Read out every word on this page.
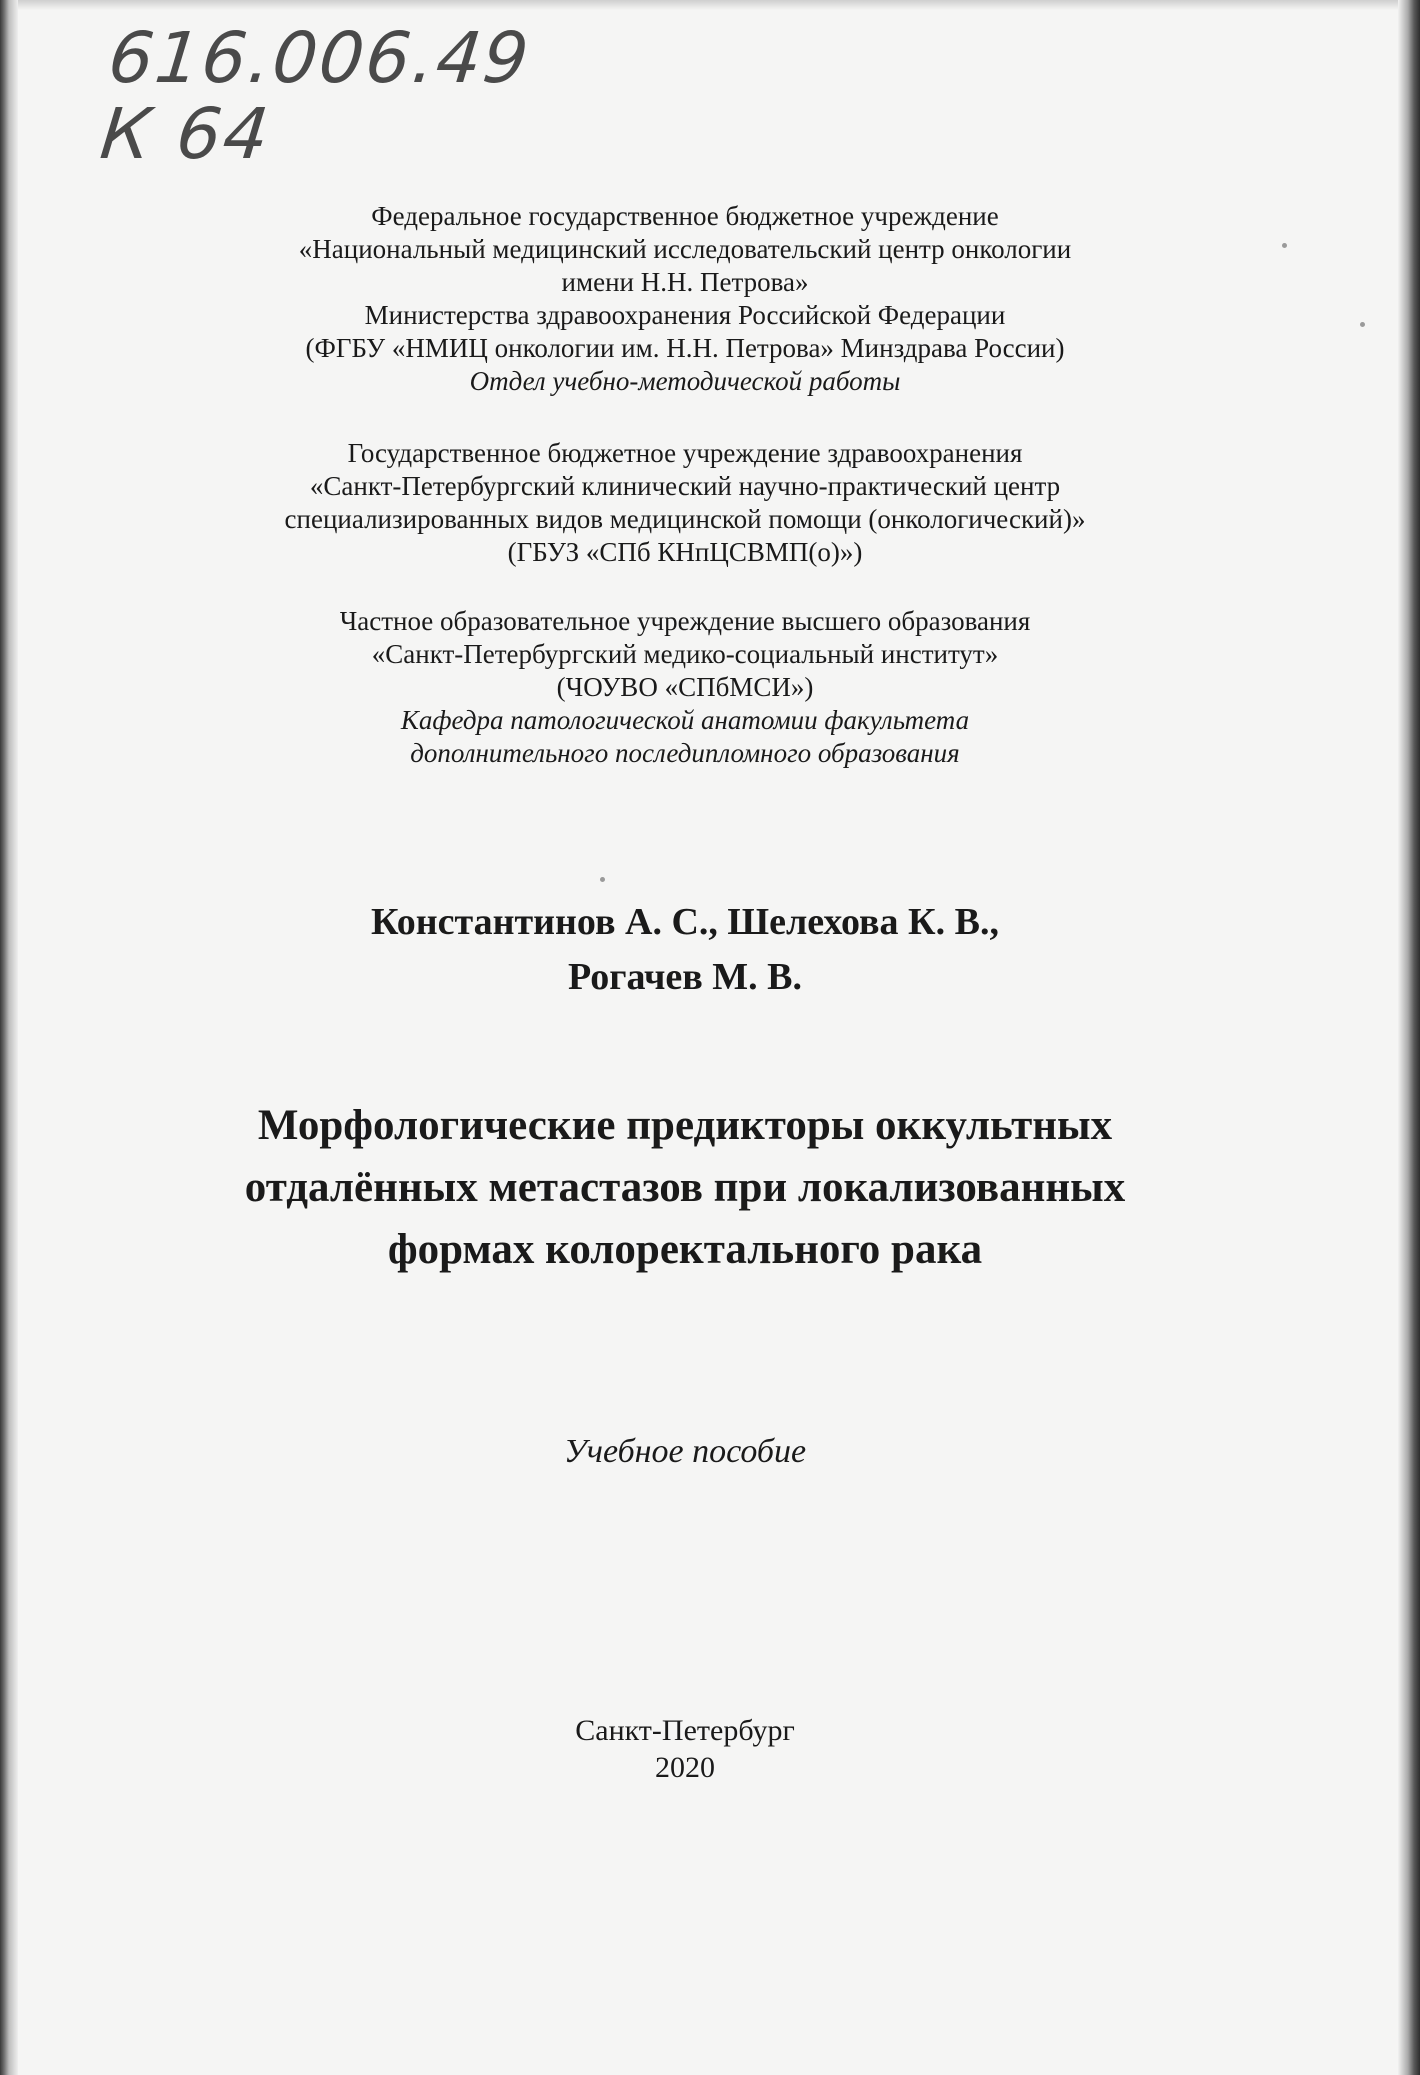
616.006.49
К 64
Федеральное государственное бюджетное учреждение
«Национальный медицинский исследовательский центр онкологии
имени Н.Н. Петрова»
Министерства здравоохранения Российской Федерации
(ФГБУ «НМИЦ онкологии им. Н.Н. Петрова» Минздрава России)
Отдел учебно-методической работы
Государственное бюджетное учреждение здравоохранения
«Санкт-Петербургский клинический научно-практический центр
специализированных видов медицинской помощи (онкологический)»
(ГБУЗ «СПб КНпЦСВМП(о)»)
Частное образовательное учреждение высшего образования
«Санкт-Петербургский медико-социальный институт»
(ЧОУВО «СПбМСИ»)
Кафедра патологической анатомии факультета
дополнительного последипломного образования
Константинов А. С., Шелехова К. В.,
Рогачев М. В.
Морфологические предикторы оккультных
отдалённых метастазов при локализованных
формах колоректального рака
Учебное пособие
Санкт-Петербург
2020
